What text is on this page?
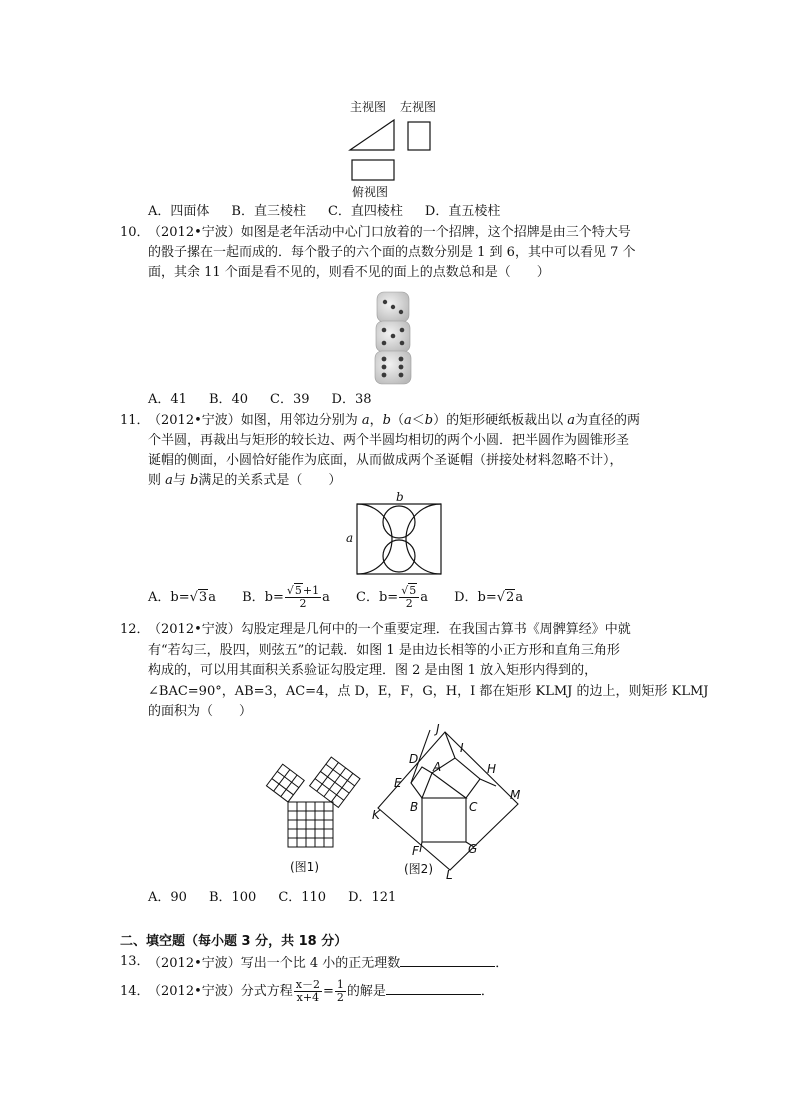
主视图 左视图
俯视图
A．四面体 B．直三棱柱 C．直四棱柱 D．直五棱柱
10．
（2012•宁波）如图是老年活动中心门口放着的一个招牌，这个招牌是由三个特大号
的骰子摞在一起而成的．每个骰子的六个面的点数分别是 1 到 6，其中可以看见 7 个
面，其余 11 个面是看不见的，则看不见的面上的点数总和是（　　）
A．41 B．40 C．39 D．38
11．
（2012•宁波）如图，用邻边分别为 a，b（a＜b）的矩形硬纸板裁出以 a为直径的两
个半圆，再裁出与矩形的较长边、两个半圆均相切的两个小圆．把半圆作为圆锥形圣
诞帽的侧面，小圆恰好能作为底面，从而做成两个圣诞帽（拼接处材料忽略不计），
则 a与 b满足的关系式是（　　）
b
a
A．b=√3a B．$b= \frac{√5+1}{2}$ a C．$b= \frac{√5}{2}$ a D．b=√2a
12．
（2012•宁波）勾股定理是几何中的一个重要定理．在我国古算书《周髀算经》中就
有“若勾三，股四，则弦五”的记载．如图 1 是由边长相等的小正方形和直角三角形
构成的，可以用其面积关系验证勾股定理．图 2 是由图 1 放入矩形内得到的，
∠BAC=90°，AB=3，AC=4，点 D，E，F，G，H，I 都在矩形 KLMJ 的边上，则矩形 KLMJ
的面积为（　　）
(图1)
J
I
D
A	H
E
M
B	C
K
F	G
L
(图2)
A．90 B．100 C．110 D．121
二、填空题（每小题 3 分，共 18 分）
13．
（2012•宁波）写出一个比 4 小的正无理数	．
14．
（2012•宁波）分式方程 $\frac{x-2}{x+4} = \frac{1}{2}$ 的解是	．
